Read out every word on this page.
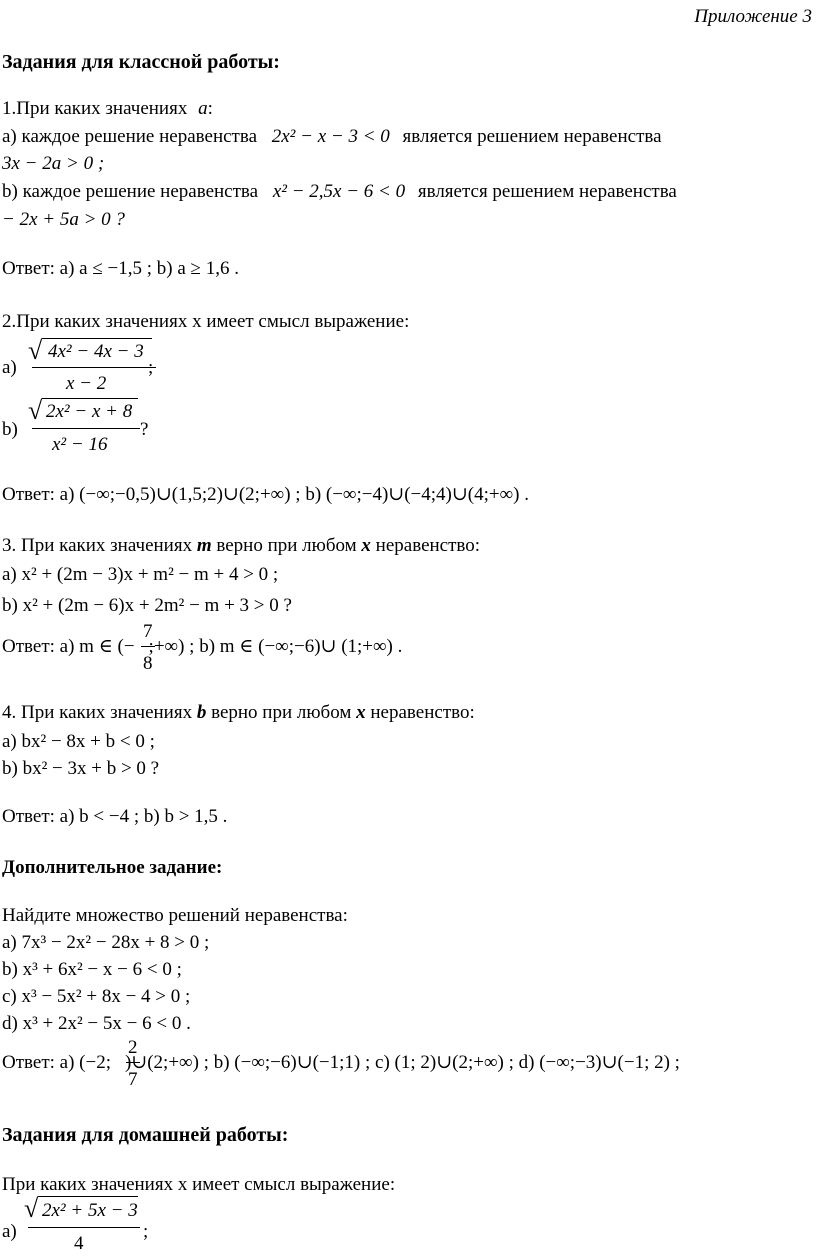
Приложение 3
Задания для классной работы:
1.При каких значениях a:
а) каждое решение неравенства 2x² − x − 3 < 0 является решением неравенства
3x − 2a > 0 ;
b) каждое решение неравенства x² − 2,5x − 6 < 0 является решением неравенства
− 2x + 5a > 0 ?
Ответ: а) a ≤ −1,5 ; b) a ≥ 1,6 .
2.При каких значениях x имеет смысл выражение:
а)
√ 4x² − 4x − 3
x − 2
;
b)
√ 2x² − x + 8
x² − 16
?
Ответ: а) (−∞;−0,5)∪(1,5;2)∪(2;+∞) ; b) (−∞;−4)∪(−4;4)∪(4;+∞) .
3. При каких значениях m верно при любом x неравенство:
а) x² + (2m − 3)x + m² − m + 4 > 0 ;
b) x² + (2m − 6)x + 2m² − m + 3 > 0 ?
Ответ: а) m ∈ (− ;+∞) ; b) m ∈ (−∞;−6)∪ (1;+∞) .
7
8
4. При каких значениях b верно при любом x неравенство:
а) bx² − 8x + b < 0 ;
b) bx² − 3x + b > 0 ?
Ответ: а) b < −4 ; b) b > 1,5 .
Дополнительное задание:
Найдите множество решений неравенства:
а) 7x³ − 2x² − 28x + 8 > 0 ;
b) x³ + 6x² − x − 6 < 0 ;
c) x³ − 5x² + 8x − 4 > 0 ;
d) x³ + 2x² − 5x − 6 < 0 .
Ответ: а) (−2; )∪(2;+∞) ; b) (−∞;−6)∪(−1;1) ; c) (1; 2)∪(2;+∞) ; d) (−∞;−3)∪(−1; 2) ;
2
7
Задания для домашней работы:
При каких значениях x имеет смысл выражение:
а)
√ 2x² + 5x − 3
4
;
